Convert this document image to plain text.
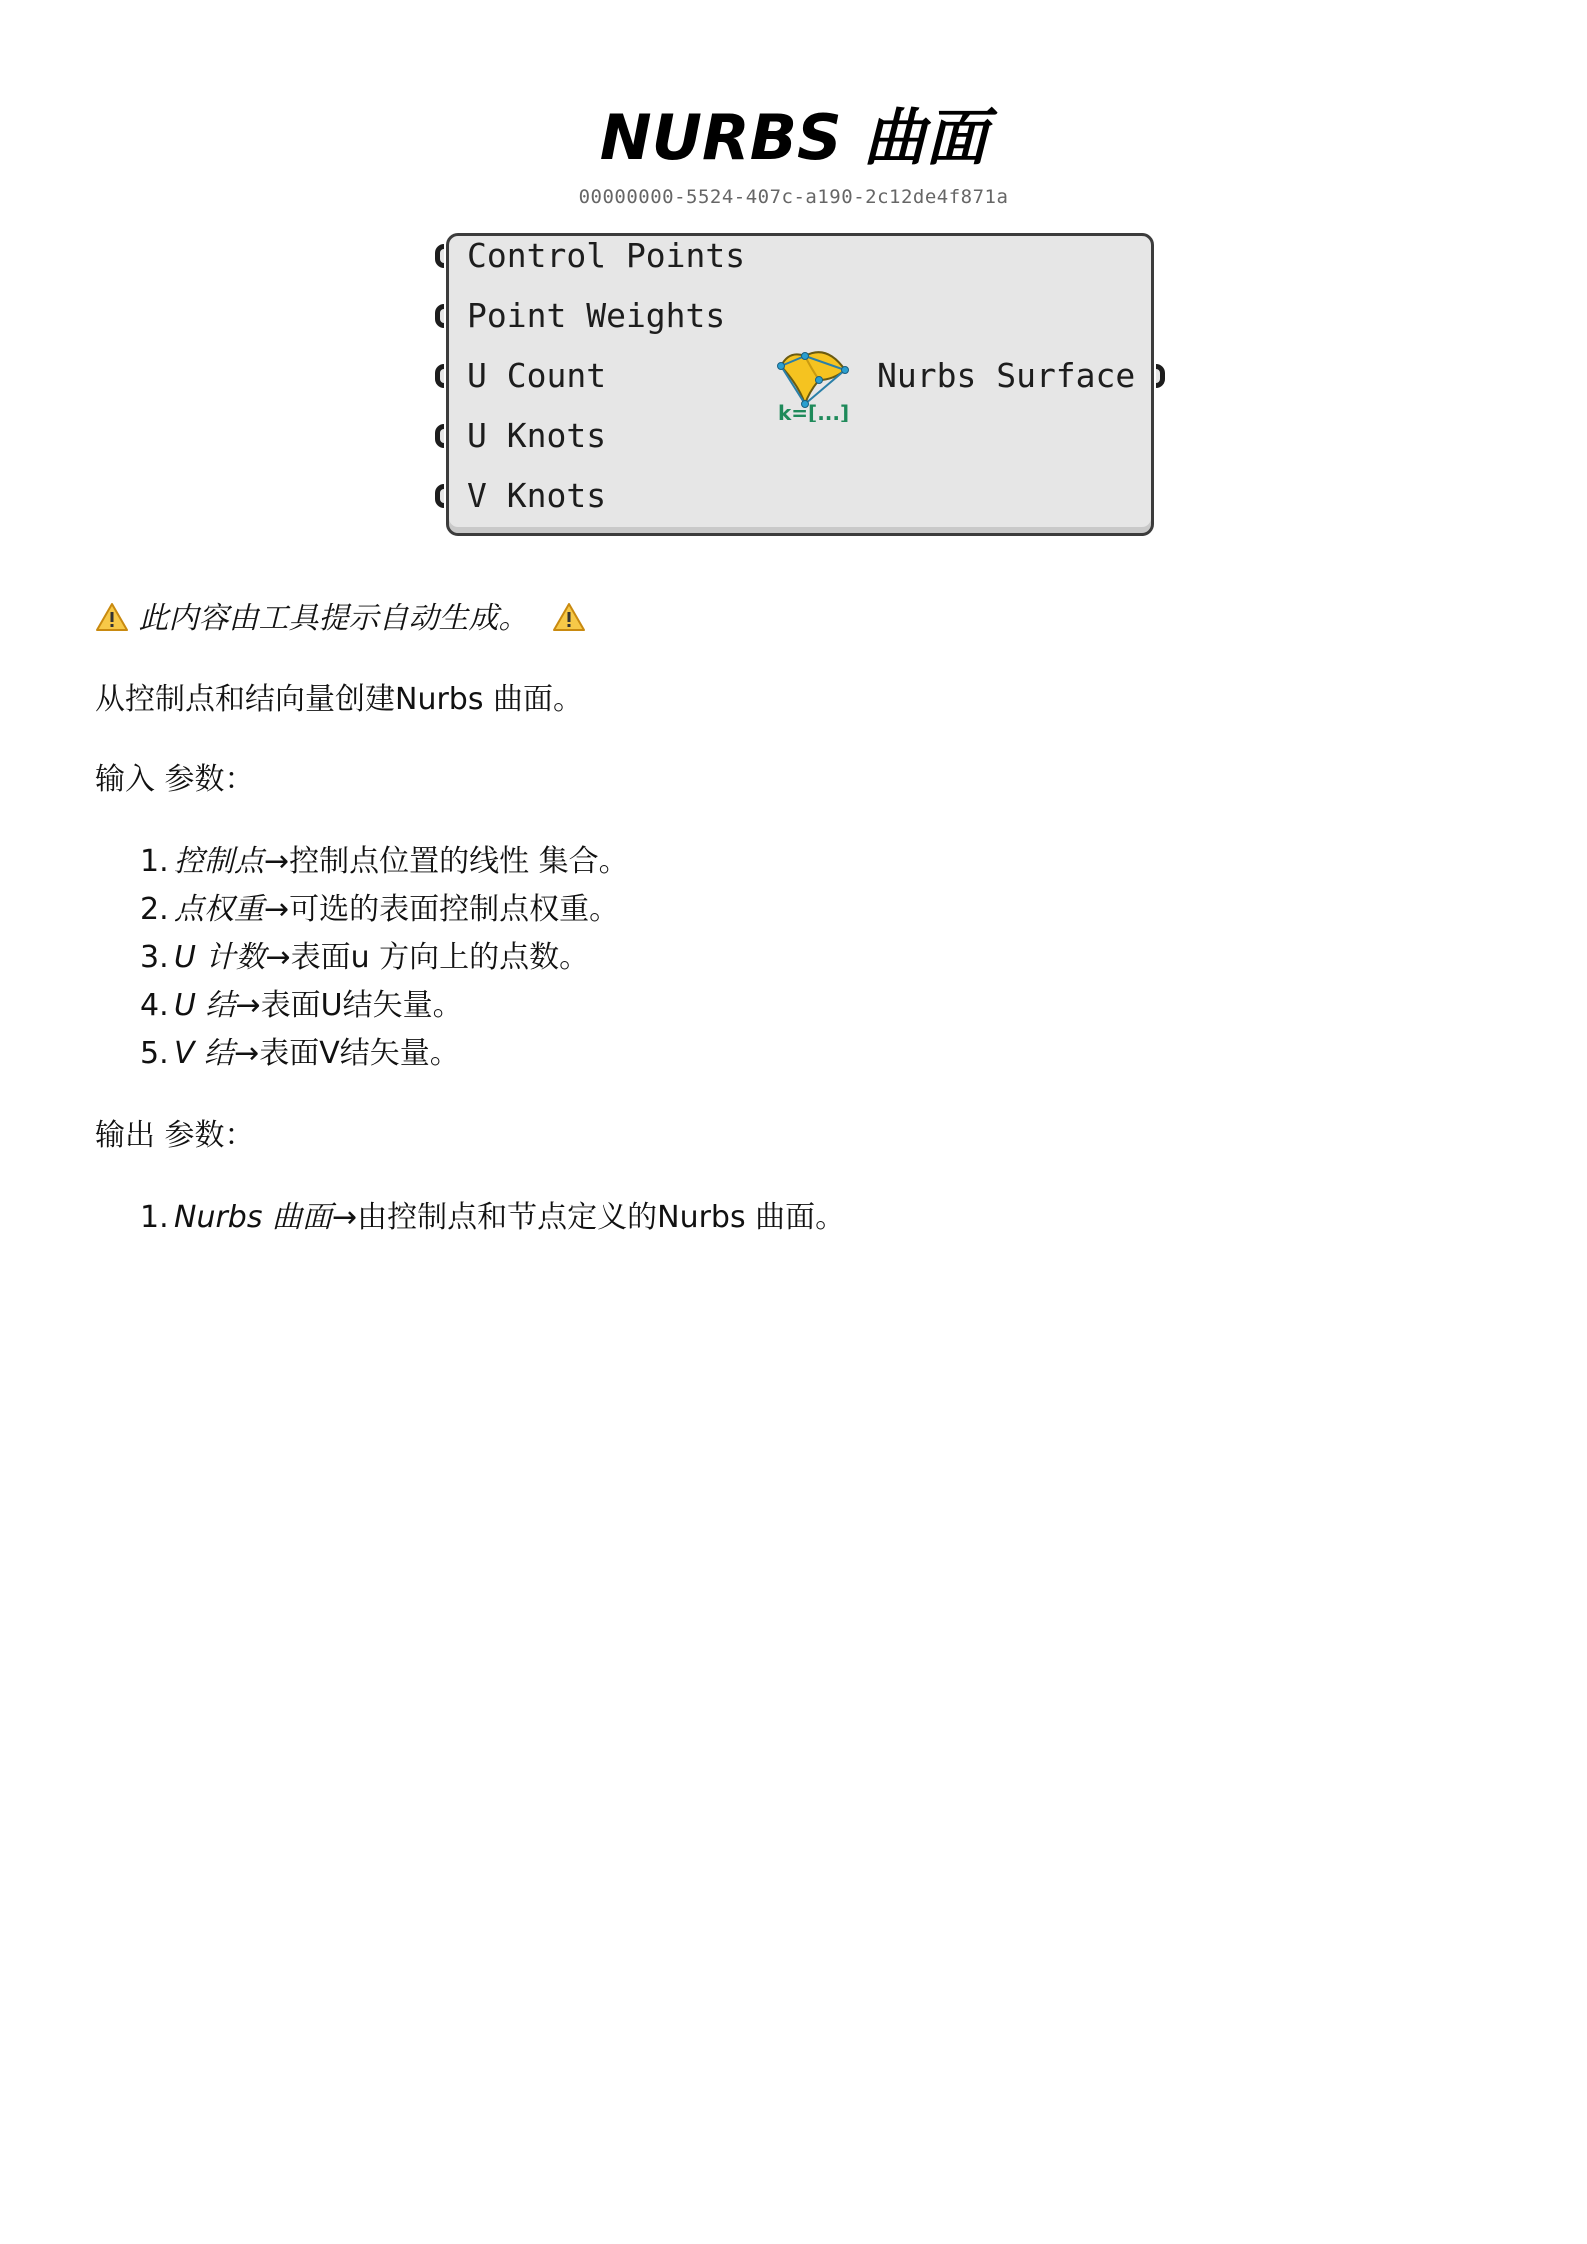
NURBS 曲面
00000000-5524-407c-a190-2c12de4f871a
Control Points
Point Weights
U Count
U Knots
V Knots
Nurbs Surface
k=[...]
此内容由工具提示自动生成。
从控制点和结向量创建Nurbs 曲面。
输入 参数：
1. 控制点→控制点位置的线性 集合。
2. 点权重→可选的表面控制点权重。
3. U 计数→表面u 方向上的点数。
4. U 结→表面U结矢量。
5. V 结→表面V结矢量。
输出 参数：
1. Nurbs 曲面→由控制点和节点定义的Nurbs 曲面。
